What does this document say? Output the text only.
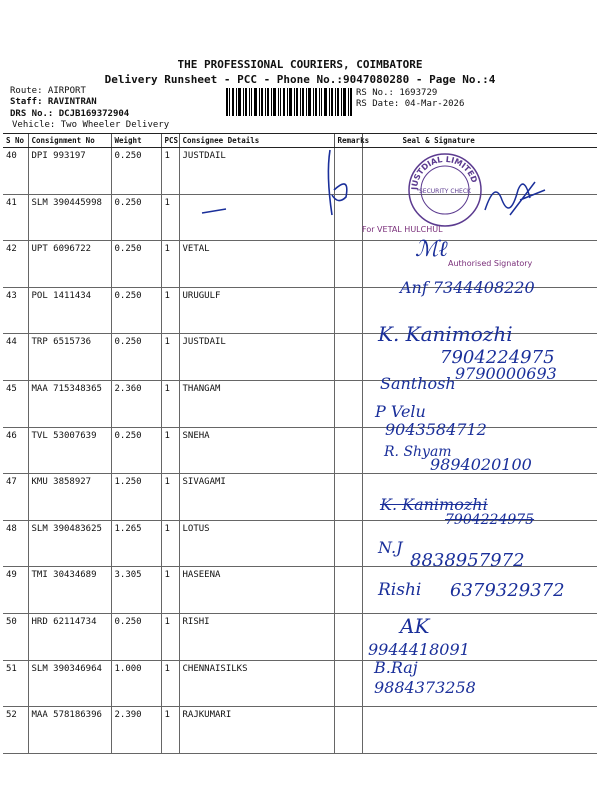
THE PROFESSIONAL COURIERS, COIMBATORE
Delivery Runsheet - PCC - Phone No.:9047080280 - Page No.:4
Route: AIRPORT
Staff: RAVINTRAN
DRS No.: DCJB169372904
Vehicle: Two Wheeler Delivery
RS No.: 1693729
RS Date: 04-Mar-2026
S No	Consignment No	Weight	PCS	Consignee Details	Remarks	Seal & Signature
40	DPI 993197	0.250	1	JUSTDAIL		
41	SLM 390445998	0.250	1			
42	UPT 6096722	0.250	1	VETAL		
43	POL 1411434	0.250	1	URUGULF		
44	TRP 6515736	0.250	1	JUSTDAIL		
45	MAA 715348365	2.360	1	THANGAM		
46	TVL 53007639	0.250	1	SNEHA		
47	KMU 3858927	1.250	1	SIVAGAMI		
48	SLM 390483625	1.265	1	LOTUS		
49	TMI 30434689	3.305	1	HASEENA		
50	HRD 62114734	0.250	1	RISHI		
51	SLM 390346964	1.000	1	CHENNAISILKS		
52	MAA 578186396	2.390	1	RAJKUMARI		
JUSTDIAL LIMITED
SECURITY CHECK
For VETAL HULCHUL
ℳℓ
Authorised Signatory
Anf 7344408220
K. Kanimozhi
7904224975
9790000693
Santhosh
P Velu
9043584712
R. Shyam
9894020100
K. Kanimozhi
7904224975
N.J
8838957972
Rishi 6379329372
AK
9944418091
B.Raj
9884373258
